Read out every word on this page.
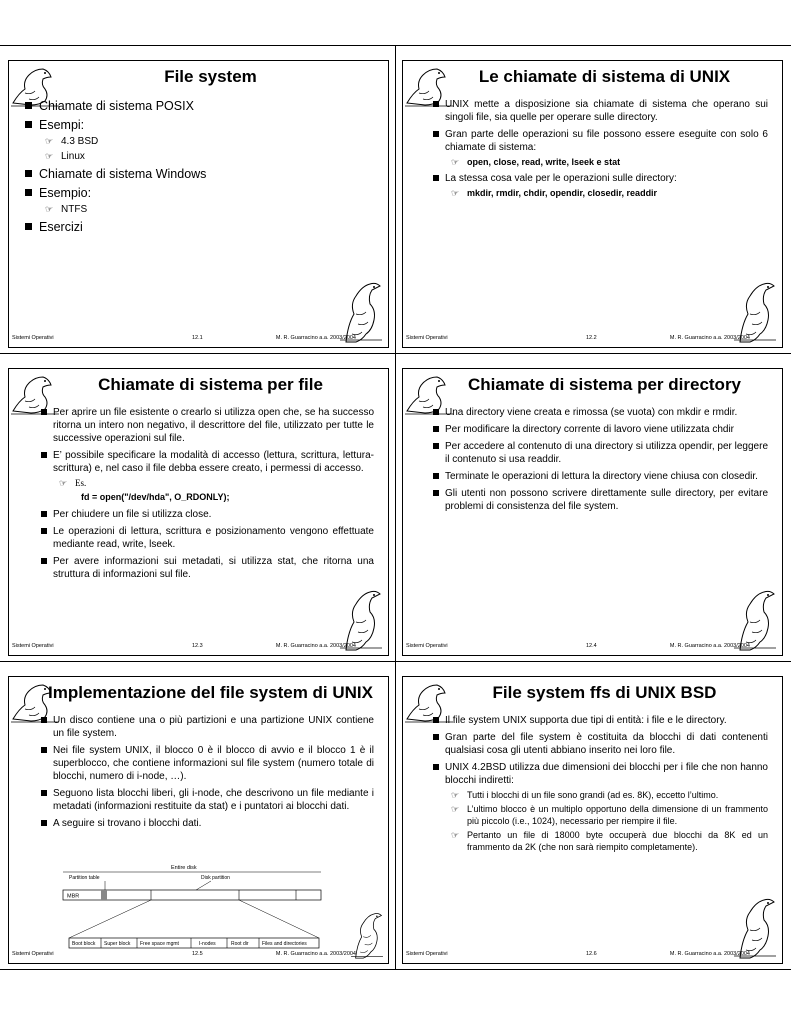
File system
Chiamate di sistema POSIX
Esempi:
☞ 4.3 BSD
☞ Linux
Chiamate di sistema Windows
Esempio:
☞ NTFS
Esercizi
Sistemi Operativi	12.1	M. R. Guarracino a.a. 2003/2004
Le chiamate di sistema di UNIX
UNIX mette a disposizione sia chiamate di sistema che operano sui singoli file, sia quelle per operare sulle directory.
Gran parte delle operazioni su file possono essere eseguite con solo 6 chiamate di sistema:
☞ open, close, read, write, lseek e stat
La stessa cosa vale per le operazioni sulle directory:
☞ mkdir, rmdir, chdir, opendir, closedir, readdir
Sistemi Operativi	12.2	M. R. Guarracino a.a. 2003/2004
Chiamate di sistema per file
Per aprire un file esistente o crearlo si utilizza open che, se ha successo ritorna un intero non negativo, il descrittore del file, utilizzato per tutte le successive operazioni sul file.
E’ possibile specificare la modalità di accesso (lettura, scrittura, lettura-scrittura) e, nel caso il file debba essere creato, i permessi di accesso.
☞ Es.
fd = open("/dev/hda", O_RDONLY);
Per chiudere un file si utilizza close.
Le operazioni di lettura, scrittura e posizionamento vengono effettuate mediante read, write, lseek.
Per avere informazioni sui metadati, si utilizza stat, che ritorna una struttura di informazioni sul file.
Sistemi Operativi	12.3	M. R. Guarracino a.a. 2003/2004
Chiamate di sistema per directory
Una directory viene creata e rimossa (se vuota) con mkdir e rmdir.
Per modificare la directory corrente di lavoro viene utilizzata chdir
Per accedere al contenuto di una directory si utilizza opendir, per leggere il contenuto si usa readdir.
Terminate le operazioni di lettura la directory viene chiusa con closedir.
Gli utenti non possono scrivere direttamente sulle directory, per evitare problemi di consistenza del file system.
Sistemi Operativi	12.4	M. R. Guarracino a.a. 2003/2004
Implementazione del file system di UNIX
Un disco contiene una o più partizioni e una partizione UNIX contiene un file system.
Nei file system UNIX, il blocco 0 è il blocco di avvio e il blocco 1 è il superblocco, che contiene informazioni sul file system (numero totale di blocchi, numero di i-node, …).
Seguono lista blocchi liberi, gli i-node, che descrivono un file mediante i metadati (informazioni restituite da stat) e i puntatori ai blocchi dati.
A seguire si trovano i blocchi dati.
Entire disk
Partition table	Disk partition
MBR
Boot block Super block Free space mgmt	I-nodes	Root dir	Files and directories
Sistemi Operativi	12.5	M. R. Guarracino a.a. 2003/2004
File system ffs di UNIX BSD
Il file system UNIX supporta due tipi di entità: i file e le directory.
Gran parte del file system è costituita da blocchi di dati contenenti qualsiasi cosa gli utenti abbiano inserito nei loro file.
UNIX 4.2BSD utilizza due dimensioni dei blocchi per i file che non hanno blocchi indiretti:
☞ Tutti i blocchi di un file sono grandi (ad es. 8K), eccetto l’ultimo.
☞ L’ultimo blocco è un multiplo opportuno della dimensione di un frammento più piccolo (i.e., 1024), necessario per riempire il file.
☞ Pertanto un file di 18000 byte occuperà due blocchi da 8K ed un frammento da 2K (che non sarà riempito completamente).
Sistemi Operativi	12.6	M. R. Guarracino a.a. 2003/2004
